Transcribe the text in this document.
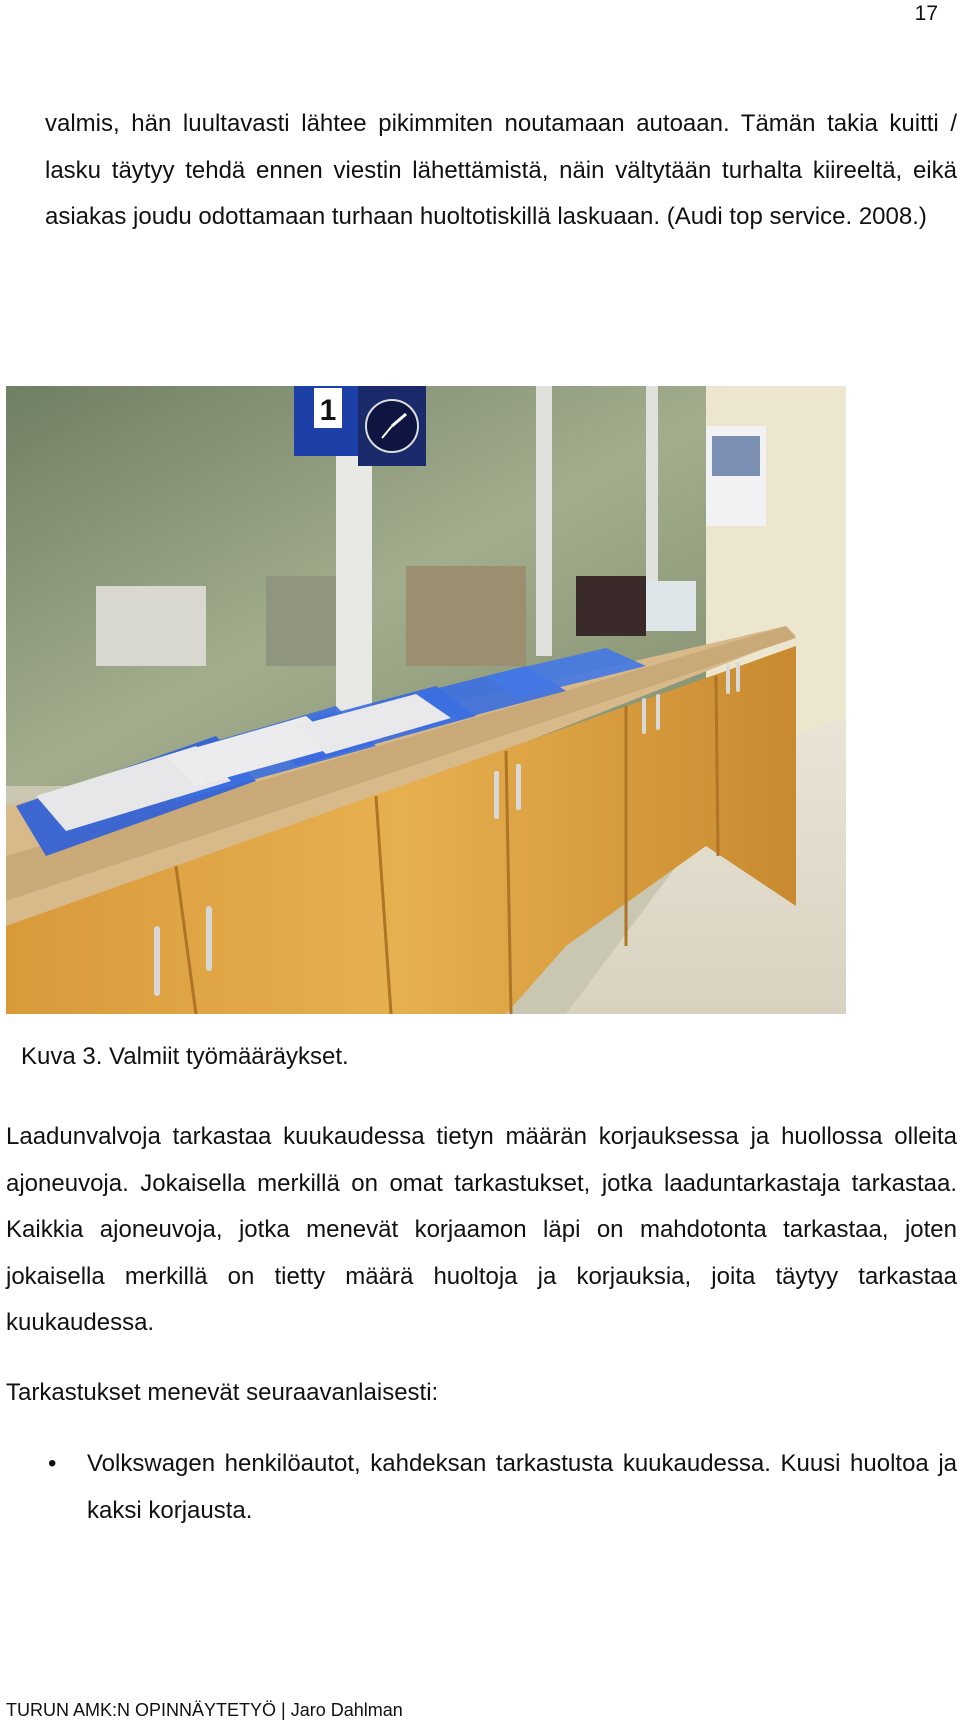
17

valmis, hän luultavasti lähtee pikimmiten noutamaan autoaan. Tämän takia kuitti / lasku täytyy tehdä ennen viestin lähettämistä, näin vältytään turhalta kiireeltä, eikä asiakas joudu odottamaan turhaan huoltotiskillä laskuaan. (Audi top service. 2008.)

1

Kuva 3. Valmiit työmääräykset.

Laadunvalvoja tarkastaa kuukaudessa tietyn määrän korjauksessa ja huollossa olleita ajoneuvoja. Jokaisella merkillä on omat tarkastukset, jotka laaduntarkastaja tarkastaa. Kaikkia ajoneuvoja, jotka menevät korjaamon läpi on mahdotonta tarkastaa, joten jokaisella merkillä on tietty määrä huoltoja ja korjauksia, joita täytyy tarkastaa kuukaudessa.

Tarkastukset menevät seuraavanlaisesti:

• Volkswagen henkilöautot, kahdeksan tarkastusta kuukaudessa. Kuusi huoltoa ja kaksi korjausta.
TURUN AMK:N OPINNÄYTETYÖ | Jaro Dahlman
